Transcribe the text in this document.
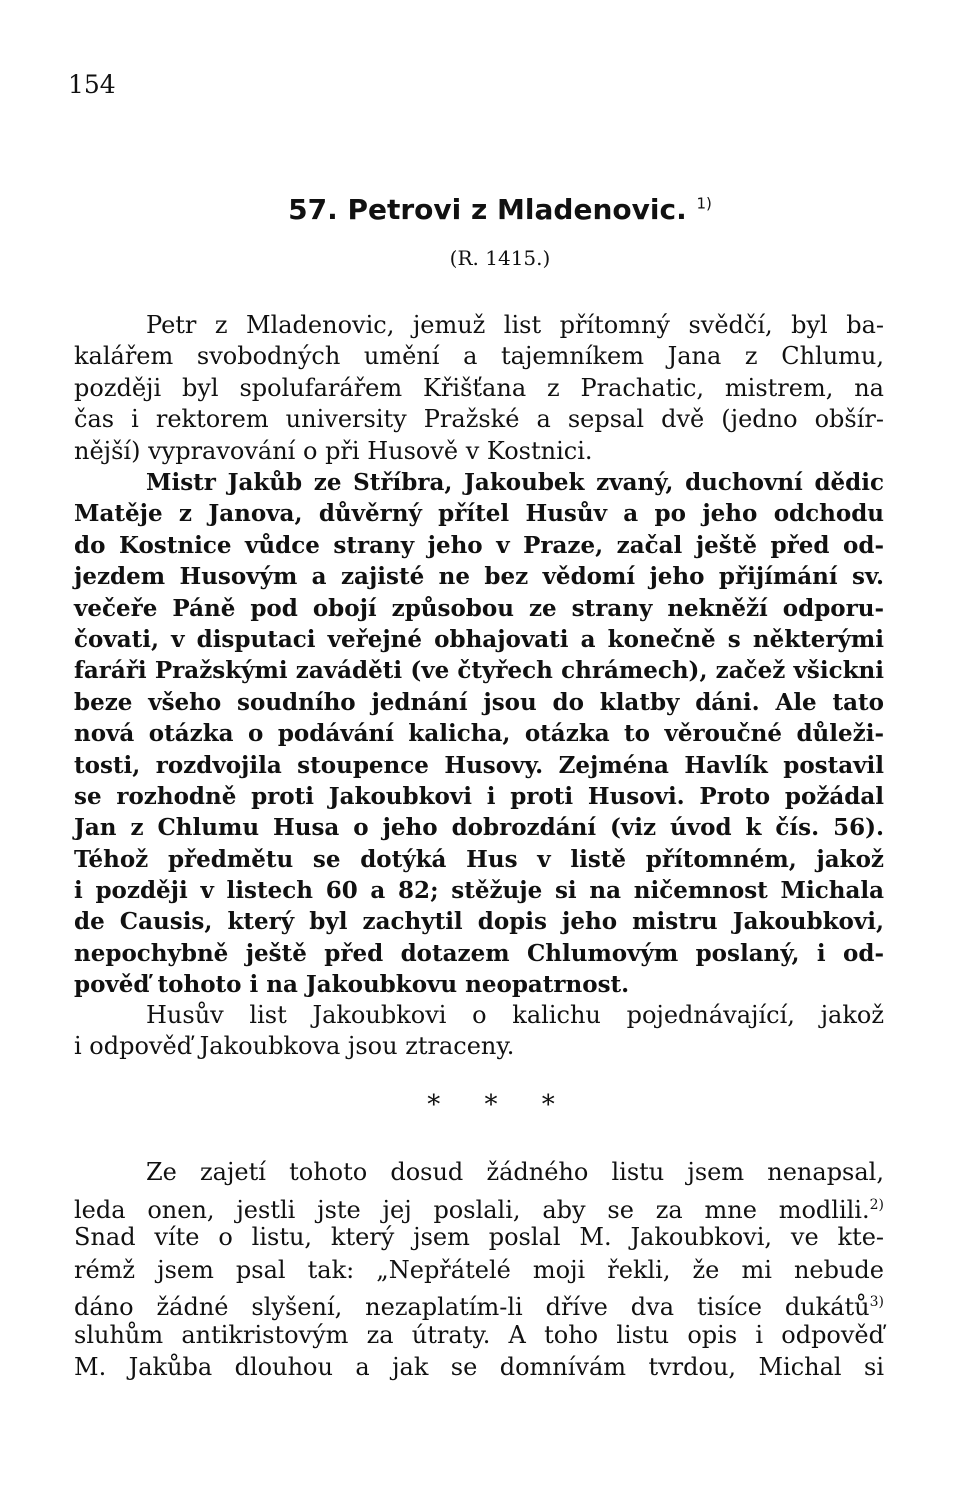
154
57. Petrovi z Mladenovic. $^{1)}$
(R. 1415.)
Petr z Mladenovic, jemuž list přítomný svědčí, byl ba-
kalářem svobodných umění a tajemníkem Jana z Chlumu,
později byl spolufarářem Křišťana z Prachatic, mistrem, na
čas i rektorem university Pražské a sepsal dvě (jedno obšír-
nější) vypravování o při Husově v Kostnici.
Mistr Jakůb ze Stříbra, Jakoubek zvaný, duchovní dědic
Matěje z Janova, důvěrný přítel Husův a po jeho odchodu
do Kostnice vůdce strany jeho v Praze, začal ještě před od-
jezdem Husovým a zajisté ne bez vědomí jeho přijímání sv.
večeře Páně pod obojí způsobou ze strany nekněží odporu-
čovati, v disputaci veřejné obhajovati a konečně s některými
faráři Pražskými zaváděti (ve čtyřech chrámech), začež všickni
beze všeho soudního jednání jsou do klatby dáni. Ale tato
nová otázka o podávání kalicha, otázka to věroučné důleži-
tosti, rozdvojila stoupence Husovy. Zejména Havlík postavil
se rozhodně proti Jakoubkovi i proti Husovi. Proto požádal
Jan z Chlumu Husa o jeho dobrozdání (viz úvod k čís. 56).
Téhož předmětu se dotýká Hus v listě přítomném, jakož
i později v listech 60 a 82; stěžuje si na ničemnost Michala
de Causis, který byl zachytil dopis jeho mistru Jakoubkovi,
nepochybně ještě před dotazem Chlumovým poslaný, i od-
pověď tohoto i na Jakoubkovu neopatrnost.
Husův list Jakoubkovi o kalichu pojednávající, jakož
i odpověď Jakoubkova jsou ztraceny.
* * *
Ze zajetí tohoto dosud žádného listu jsem nenapsal,
leda onen, jestli jste jej poslali, aby se za mne modlili.$^{2)}$
Snad víte o listu, který jsem poslal M. Jakoubkovi, ve kte-
rémž jsem psal tak: „Nepřátelé moji řekli, že mi nebude
dáno žádné slyšení, nezaplatím-li dříve dva tisíce dukátů$^{3)}$
sluhům antikristovým za útraty. A toho listu opis i odpověď
M. Jakůba dlouhou a jak se domnívám tvrdou, Michal si
